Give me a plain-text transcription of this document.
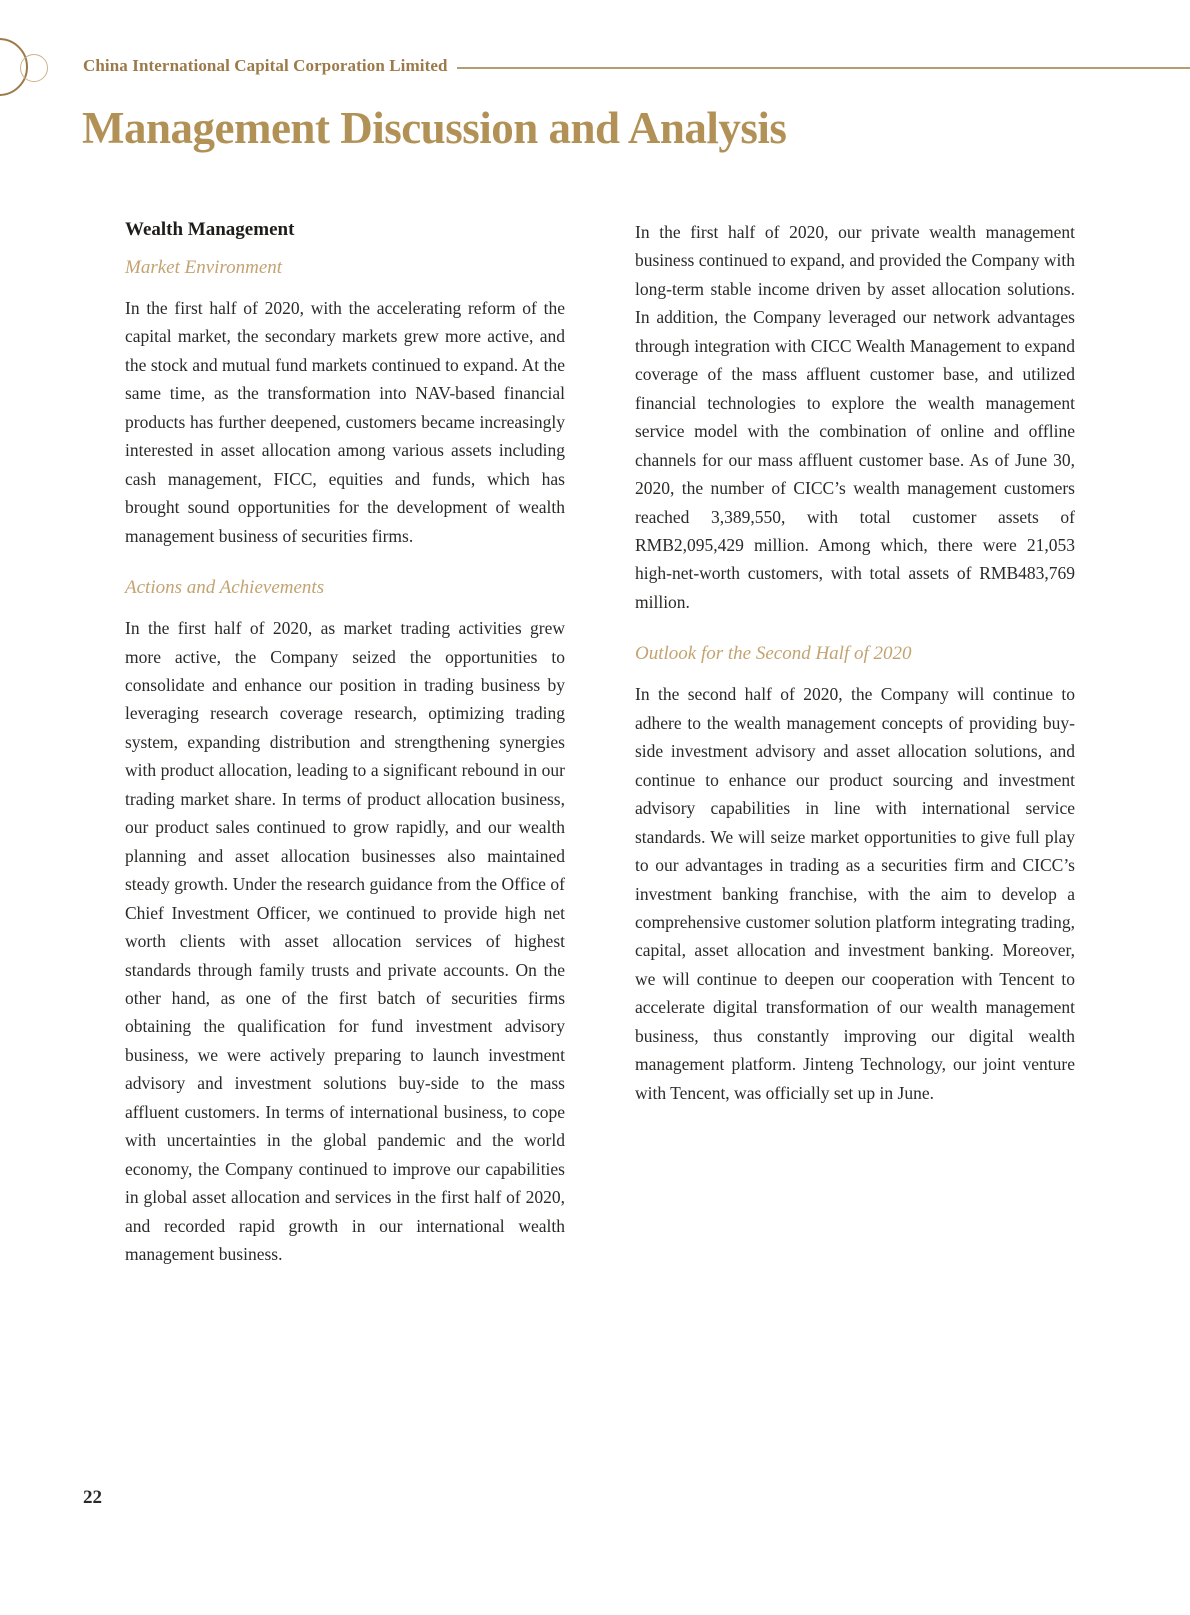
China International Capital Corporation Limited
Management Discussion and Analysis
Wealth Management
Market Environment

In the first half of 2020, with the accelerating reform of the capital market, the secondary markets grew more active, and the stock and mutual fund markets continued to expand. At the same time, as the transformation into NAV-based financial products has further deepened, customers became increasingly interested in asset allocation among various assets including cash management, FICC, equities and funds, which has brought sound opportunities for the development of wealth management business of securities firms.

Actions and Achievements

In the first half of 2020, as market trading activities grew more active, the Company seized the opportunities to consolidate and enhance our position in trading business by leveraging research coverage research, optimizing trading system, expanding distribution and strengthening synergies with product allocation, leading to a significant rebound in our trading market share. In terms of product allocation business, our product sales continued to grow rapidly, and our wealth planning and asset allocation businesses also maintained steady growth. Under the research guidance from the Office of Chief Investment Officer, we continued to provide high net worth clients with asset allocation services of highest standards through family trusts and private accounts. On the other hand, as one of the first batch of securities firms obtaining the qualification for fund investment advisory business, we were actively preparing to launch investment advisory and investment solutions buy-side to the mass affluent customers. In terms of international business, to cope with uncertainties in the global pandemic and the world economy, the Company continued to improve our capabilities in global asset allocation and services in the first half of 2020, and recorded rapid growth in our international wealth management business.

In the first half of 2020, our private wealth management business continued to expand, and provided the Company with long-term stable income driven by asset allocation solutions. In addition, the Company leveraged our network advantages through integration with CICC Wealth Management to expand coverage of the mass affluent customer base, and utilized financial technologies to explore the wealth management service model with the combination of online and offline channels for our mass affluent customer base. As of June 30, 2020, the number of CICC’s wealth management customers reached 3,389,550, with total customer assets of RMB2,095,429 million. Among which, there were 21,053 high-net-worth customers, with total assets of RMB483,769 million.

Outlook for the Second Half of 2020

In the second half of 2020, the Company will continue to adhere to the wealth management concepts of providing buy-side investment advisory and asset allocation solutions, and continue to enhance our product sourcing and investment advisory capabilities in line with international service standards. We will seize market opportunities to give full play to our advantages in trading as a securities firm and CICC’s investment banking franchise, with the aim to develop a comprehensive customer solution platform integrating trading, capital, asset allocation and investment banking. Moreover, we will continue to deepen our cooperation with Tencent to accelerate digital transformation of our wealth management business, thus constantly improving our digital wealth management platform. Jinteng Technology, our joint venture with Tencent, was officially set up in June.

22
